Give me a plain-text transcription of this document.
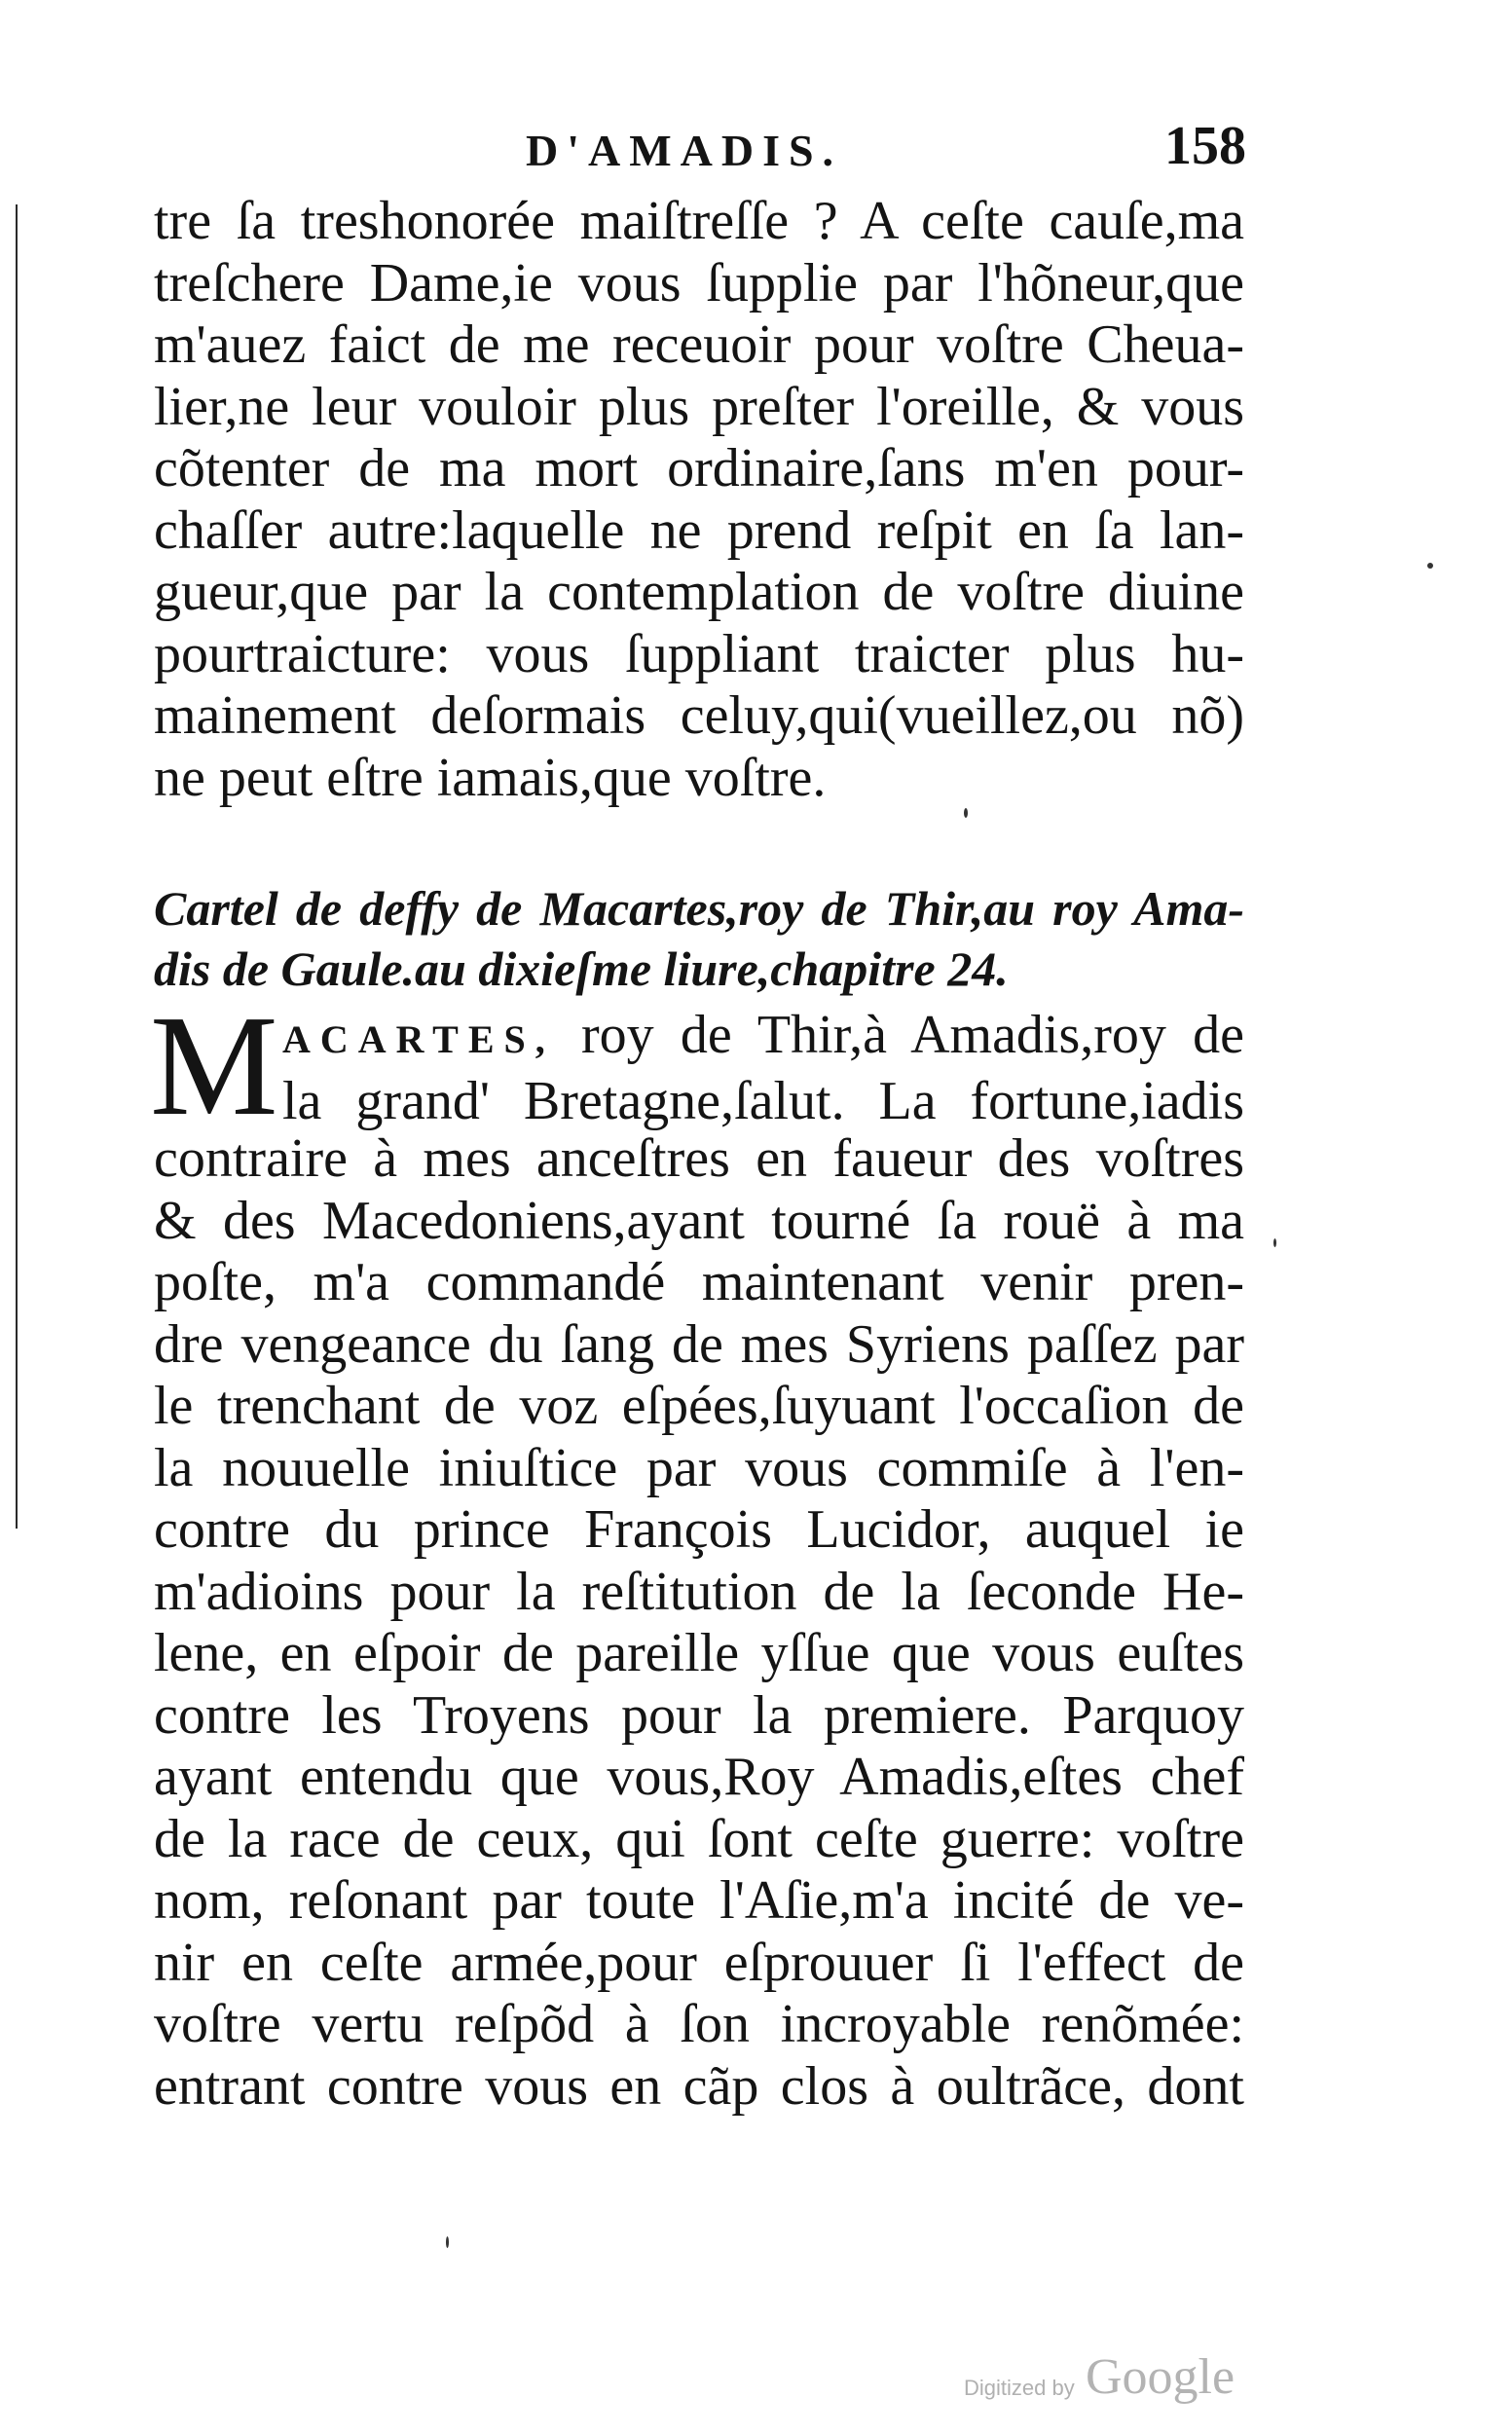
D'AMADIS.	158
tre ſa treshonorée maiſtreſſe ? A ceſte cauſe,ma
treſchere Dame,ie vous ſupplie par l'hõneur,que
m'auez faict de me receuoir pour voſtre Cheua-
lier,ne leur vouloir plus preſter l'oreille, & vous
cõtenter de ma mort ordinaire,ſans m'en pour-
chaſſer autre:laquelle ne prend reſpit en ſa lan-
gueur,que par la contemplation de voſtre diuine
pourtraicture: vous ſuppliant traicter plus hu-
mainement deſormais celuy,qui(vueillez,ou nõ)
ne peut eſtre iamais,que voſtre.
Cartel de deffy de Macartes,roy de Thir,au roy Ama-
dis de Gaule.au dixieſme liure,chapitre 24.
M ACARTES, roy de Thir,à Amadis,roy de
la grand' Bretagne,ſalut. La fortune,iadis
contraire à mes anceſtres en faueur des voſtres
& des Macedoniens,ayant tourné ſa rouë à ma
poſte, m'a commandé maintenant venir pren-
dre vengeance du ſang de mes Syriens paſſez par
le trenchant de voz eſpées,ſuyuant l'occaſion de
la nouuelle iniuſtice par vous commiſe à l'en-
contre du prince François Lucidor, auquel ie
m'adioins pour la reſtitution de la ſeconde He-
lene, en eſpoir de pareille yſſue que vous euſtes
contre les Troyens pour la premiere. Parquoy
ayant entendu que vous,Roy Amadis,eſtes chef
de la race de ceux, qui ſont ceſte guerre: voſtre
nom, reſonant par toute l'Aſie,m'a incité de ve-
nir en ceſte armée,pour eſprouuer ſi l'effect de
voſtre vertu reſpõd à ſon incroyable renõmée:
entrant contre vous en cãp clos à oultrãce, dont
Digitized by Google
